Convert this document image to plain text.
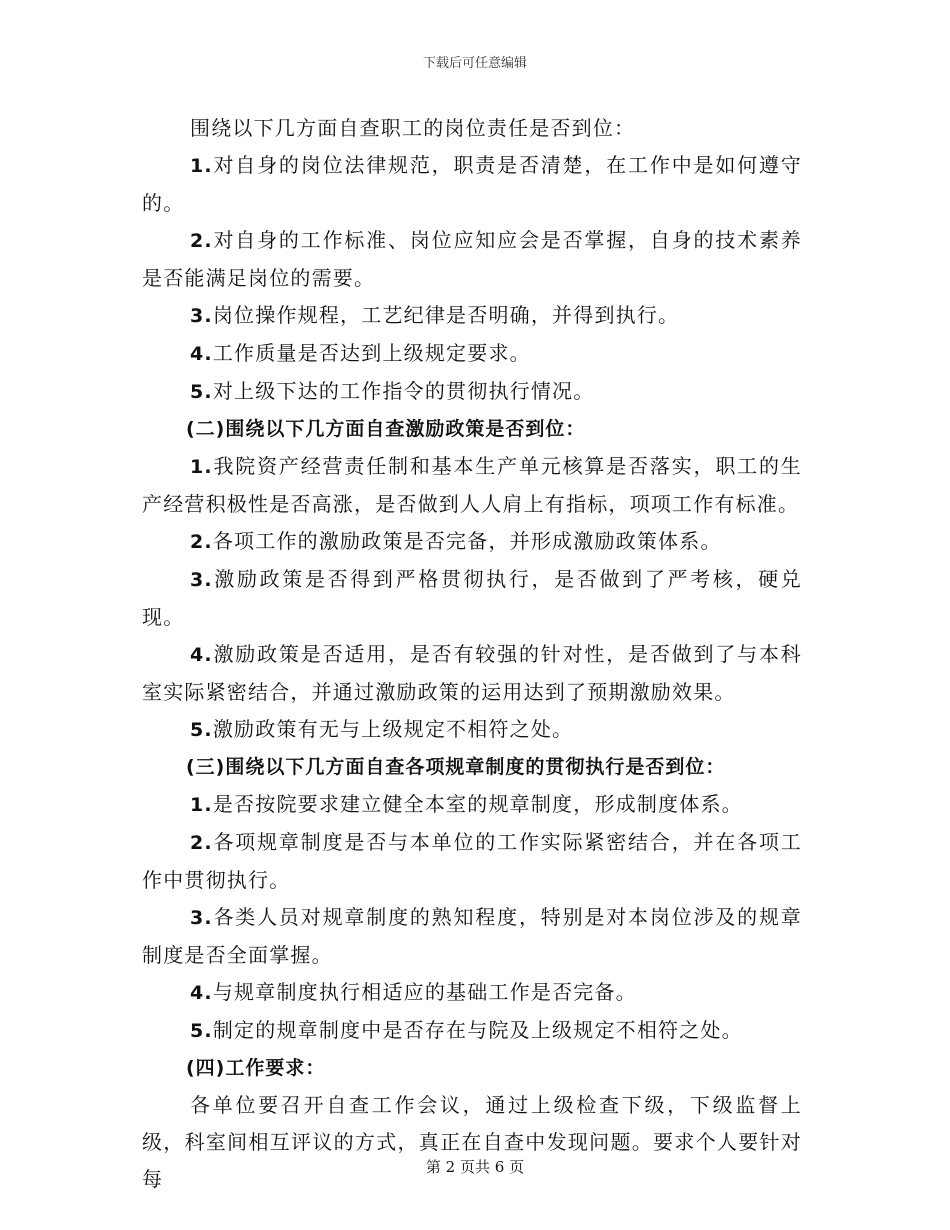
下载后可任意编辑

围绕以下几方面自查职工的岗位责任是否到位：

1.对自身的岗位法律规范，职责是否清楚，在工作中是如何遵守的。

2.对自身的工作标准、岗位应知应会是否掌握，自身的技术素养是否能满足岗位的需要。

3.岗位操作规程，工艺纪律是否明确，并得到执行。

4.工作质量是否达到上级规定要求。

5.对上级下达的工作指令的贯彻执行情况。

(二)围绕以下几方面自查激励政策是否到位：

1.我院资产经营责任制和基本生产单元核算是否落实，职工的生产经营积极性是否高涨，是否做到人人肩上有指标，项项工作有标准。

2.各项工作的激励政策是否完备，并形成激励政策体系。

3.激励政策是否得到严格贯彻执行，是否做到了严考核，硬兑现。

4.激励政策是否适用，是否有较强的针对性，是否做到了与本科室实际紧密结合，并通过激励政策的运用达到了预期激励效果。

5.激励政策有无与上级规定不相符之处。

(三)围绕以下几方面自查各项规章制度的贯彻执行是否到位：

1.是否按院要求建立健全本室的规章制度，形成制度体系。

2.各项规章制度是否与本单位的工作实际紧密结合，并在各项工作中贯彻执行。

3.各类人员对规章制度的熟知程度，特别是对本岗位涉及的规章制度是否全面掌握。

4.与规章制度执行相适应的基础工作是否完备。

5.制定的规章制度中是否存在与院及上级规定不相符之处。

(四)工作要求：

各单位要召开自查工作会议，通过上级检查下级，下级监督上级，科室间相互评议的方式，真正在自查中发现问题。要求个人要针对每	第 2 页共 6 页
